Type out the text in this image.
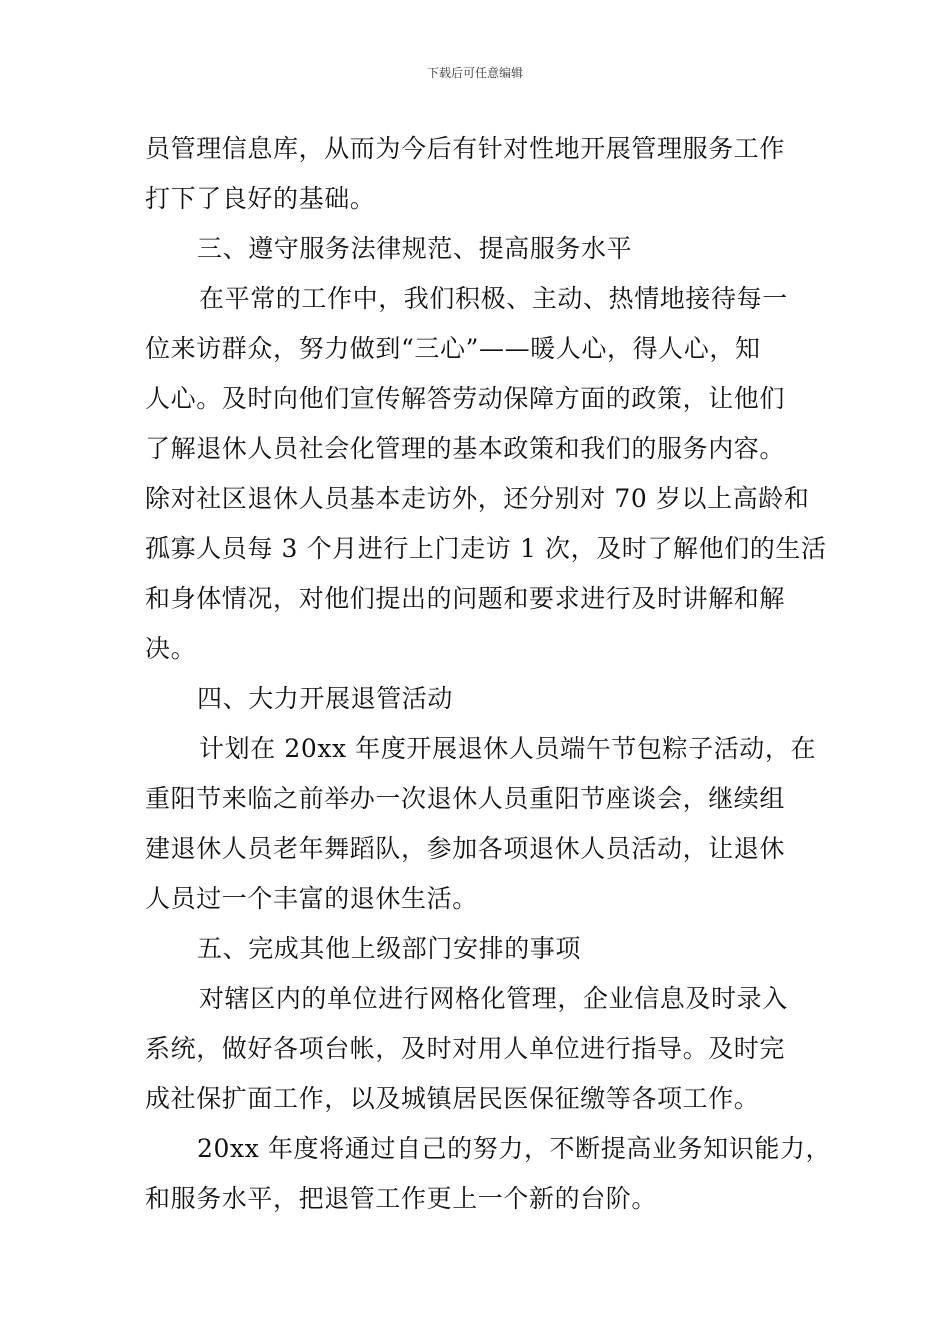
下载后可任意编辑
员管理信息库，从而为今后有针对性地开展管理服务工作
打下了良好的基础。
三、遵守服务法律规范、提高服务水平
在平常的工作中，我们积极、主动、热情地接待每一
位来访群众，努力做到“三心”——暖人心，得人心，知
人心。及时向他们宣传解答劳动保障方面的政策，让他们
了解退休人员社会化管理的基本政策和我们的服务内容。
除对社区退休人员基本走访外，还分别对 70 岁以上高龄和
孤寡人员每 3 个月进行上门走访 1 次，及时了解他们的生活
和身体情况，对他们提出的问题和要求进行及时讲解和解
决。
四、大力开展退管活动
计划在 20xx 年度开展退休人员端午节包粽子活动，在
重阳节来临之前举办一次退休人员重阳节座谈会，继续组
建退休人员老年舞蹈队，参加各项退休人员活动，让退休
人员过一个丰富的退休生活。
五、完成其他上级部门安排的事项
对辖区内的单位进行网格化管理，企业信息及时录入
系统，做好各项台帐，及时对用人单位进行指导。及时完
成社保扩面工作，以及城镇居民医保征缴等各项工作。
20xx 年度将通过自己的努力，不断提高业务知识能力，
和服务水平，把退管工作更上一个新的台阶。
